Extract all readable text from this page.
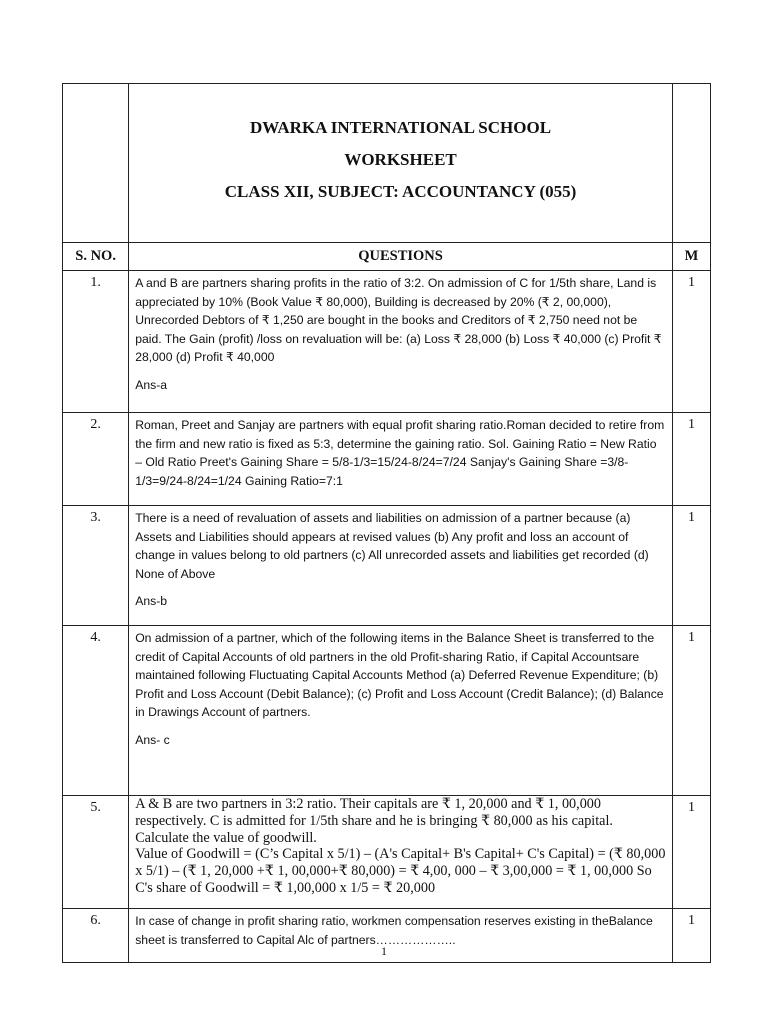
	DWARKA INTERNATIONAL SCHOOL
WORKSHEET
CLASS XII, SUBJECT: ACCOUNTANCY (055)	

S. NO.	QUESTIONS	M
1.	A and B are partners sharing profits in the ratio of 3:2. On admission of C for 1/5th share, Land is appreciated by 10% (Book Value ₹ 80,000), Building is decreased by 20% (₹ 2, 00,000), Unrecorded Debtors of ₹ 1,250 are bought in the books and Creditors of ₹ 2,750 need not be paid. The Gain (profit) /loss on revaluation will be: (a) Loss ₹ 28,000 (b) Loss ₹ 40,000 (c) Profit ₹ 28,000 (d) Profit ₹ 40,000

Ans-a	1
2.	Roman, Preet and Sanjay are partners with equal profit sharing ratio.Roman decided to retire from the firm and new ratio is fixed as 5:3, determine the gaining ratio. Sol. Gaining Ratio = New Ratio – Old Ratio Preet's Gaining Share = 5/8-1/3=15/24-8/24=7/24 Sanjay's Gaining Share =3/8-1/3=9/24-8/24=1/24 Gaining Ratio=7:1	1
3.	There is a need of revaluation of assets and liabilities on admission of a partner because (a) Assets and Liabilities should appears at revised values (b) Any profit and loss an account of change in values belong to old partners (c) All unrecorded assets and liabilities get recorded (d) None of Above

Ans-b	1
4.	On admission of a partner, which of the following items in the Balance Sheet is transferred to the credit of Capital Accounts of old partners in the old Profit-sharing Ratio, if Capital Accountsare maintained following Fluctuating Capital Accounts Method (a) Deferred Revenue Expenditure; (b) Profit and Loss Account (Debit Balance); (c) Profit and Loss Account (Credit Balance); (d) Balance in Drawings Account of partners.

Ans- c	1
5.	A & B are two partners in 3:2 ratio. Their capitals are ₹ 1, 20,000 and ₹ 1, 00,000 respectively. C is admitted for 1/5th share and he is bringing ₹ 80,000 as his capital. Calculate the value of goodwill.

Value of Goodwill = (C’s Capital x 5/1) – (A's Capital+ B's Capital+ C's Capital) = (₹ 80,000 x 5/1) – (₹ 1, 20,000 +₹ 1, 00,000+₹ 80,000) = ₹ 4,00, 000 – ₹ 3,00,000 = ₹ 1, 00,000 So C's share of Goodwill = ₹ 1,00,000 x 1/5 = ₹ 20,000	1
6.	In case of change in profit sharing ratio, workmen compensation reserves existing in theBalance sheet is transferred to Capital Alc of partners………………..	1
1
